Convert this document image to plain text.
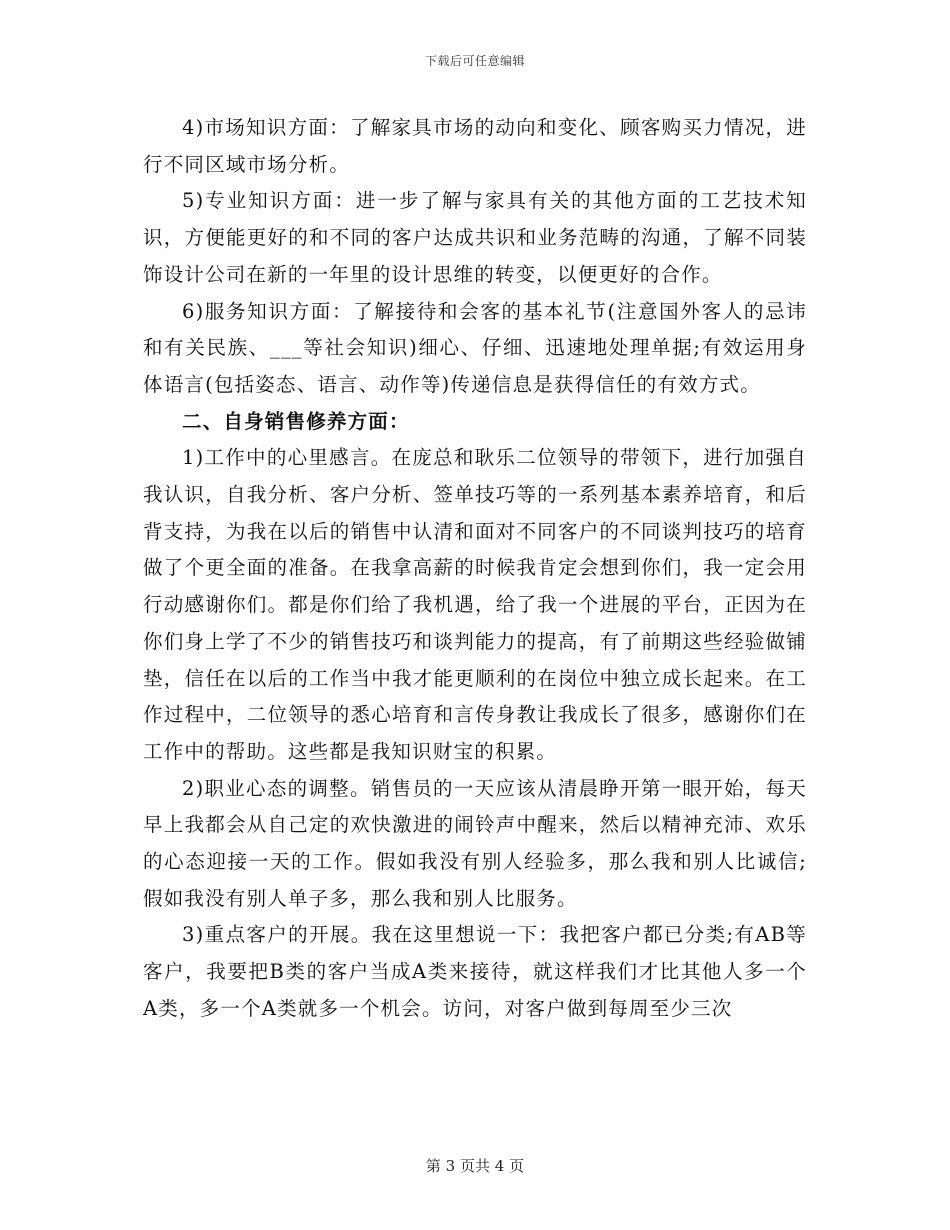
下载后可任意编辑

4)市场知识方面：了解家具市场的动向和变化、顾客购买力情况，进行不同区域市场分析。

5)专业知识方面：进一步了解与家具有关的其他方面的工艺技术知识，方便能更好的和不同的客户达成共识和业务范畴的沟通，了解不同装饰设计公司在新的一年里的设计思维的转变，以便更好的合作。

6)服务知识方面：了解接待和会客的基本礼节(注意国外客人的忌讳和有关民族、___等社会知识)细心、仔细、迅速地处理单据;有效运用身体语言(包括姿态、语言、动作等)传递信息是获得信任的有效方式。

二、自身销售修养方面：

1)工作中的心里感言。在庞总和耿乐二位领导的带领下，进行加强自我认识，自我分析、客户分析、签单技巧等的一系列基本素养培育，和后背支持，为我在以后的销售中认清和面对不同客户的不同谈判技巧的培育做了个更全面的准备。在我拿高薪的时候我肯定会想到你们，我一定会用行动感谢你们。都是你们给了我机遇，给了我一个进展的平台，正因为在你们身上学了不少的销售技巧和谈判能力的提高，有了前期这些经验做铺垫，信任在以后的工作当中我才能更顺利的在岗位中独立成长起来。在工作过程中，二位领导的悉心培育和言传身教让我成长了很多，感谢你们在工作中的帮助。这些都是我知识财宝的积累。

2)职业心态的调整。销售员的一天应该从清晨睁开第一眼开始，每天早上我都会从自己定的欢快激进的闹铃声中醒来，然后以精神充沛、欢乐的心态迎接一天的工作。假如我没有别人经验多，那么我和别人比诚信;假如我没有别人单子多，那么我和别人比服务。

3)重点客户的开展。我在这里想说一下：我把客户都已分类;有AB等客户，我要把B类的客户当成A类来接待，就这样我们才比其他人多一个A类，多一个A类就多一个机会。访问，对客户做到每周至少三次

第 3 页共 4 页
